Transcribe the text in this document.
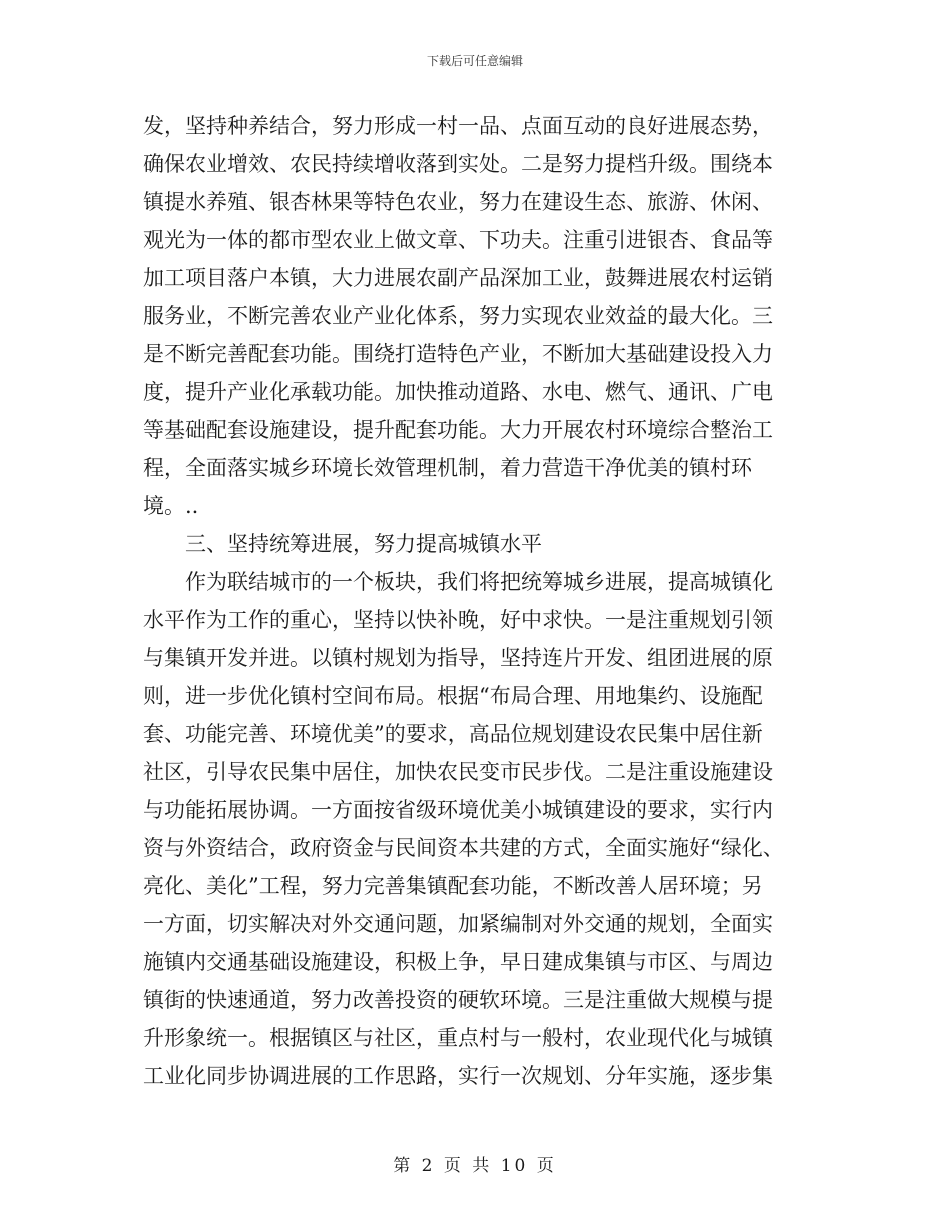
下载后可任意编辑
发，坚持种养结合，努力形成一村一品、点面互动的良好进展态势，
确保农业增效、农民持续增收落到实处。二是努力提档升级。围绕本
镇提水养殖、银杏林果等特色农业，努力在建设生态、旅游、休闲、
观光为一体的都市型农业上做文章、下功夫。注重引进银杏、食品等
加工项目落户本镇，大力进展农副产品深加工业，鼓舞进展农村运销
服务业，不断完善农业产业化体系，努力实现农业效益的最大化。三
是不断完善配套功能。围绕打造特色产业，不断加大基础建设投入力
度，提升产业化承载功能。加快推动道路、水电、燃气、通讯、广电
等基础配套设施建设，提升配套功能。大力开展农村环境综合整治工
程，全面落实城乡环境长效管理机制，着力营造干净优美的镇村环
境。..
三、坚持统筹进展，努力提高城镇水平
作为联结城市的一个板块，我们将把统筹城乡进展，提高城镇化
水平作为工作的重心，坚持以快补晚，好中求快。一是注重规划引领
与集镇开发并进。以镇村规划为指导，坚持连片开发、组团进展的原
则，进一步优化镇村空间布局。根据“布局合理、用地集约、设施配
套、功能完善、环境优美”的要求，高品位规划建设农民集中居住新
社区，引导农民集中居住，加快农民变市民步伐。二是注重设施建设
与功能拓展协调。一方面按省级环境优美小城镇建设的要求，实行内
资与外资结合，政府资金与民间资本共建的方式，全面实施好“绿化、
亮化、美化”工程，努力完善集镇配套功能，不断改善人居环境；另
一方面，切实解决对外交通问题，加紧编制对外交通的规划，全面实
施镇内交通基础设施建设，积极上争，早日建成集镇与市区、与周边
镇街的快速通道，努力改善投资的硬软环境。三是注重做大规模与提
升形象统一。根据镇区与社区，重点村与一般村，农业现代化与城镇
工业化同步协调进展的工作思路，实行一次规划、分年实施，逐步集
第 2 页 共 10 页
